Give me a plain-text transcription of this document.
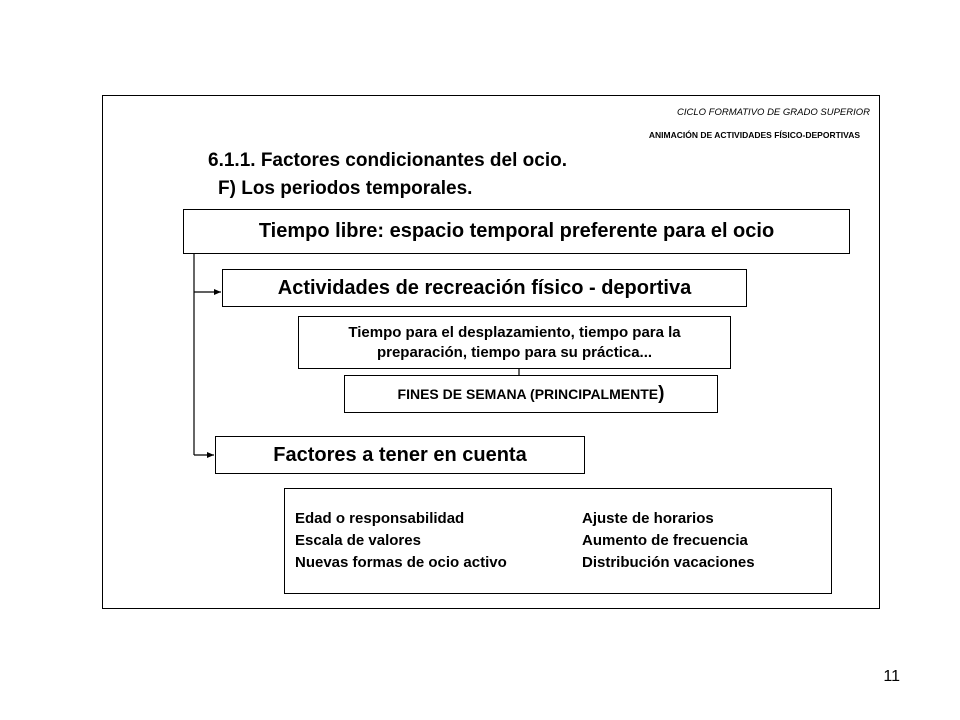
CICLO FORMATIVO DE GRADO SUPERIOR
ANIMACIÓN DE ACTIVIDADES FÍSICO-DEPORTIVAS
6.1.1. Factores condicionantes del ocio.
F) Los periodos temporales.
Tiempo libre: espacio temporal preferente para el ocio
Actividades de recreación físico - deportiva
Tiempo para el desplazamiento, tiempo para la
preparación, tiempo para su práctica...
FINES DE SEMANA (PRINCIPALMENTE )
Factores a tener en cuenta
Edad o responsabilidad	Ajuste de horarios
Escala de valores	Aumento de frecuencia
Nuevas formas de ocio activo	Distribución vacaciones
11
